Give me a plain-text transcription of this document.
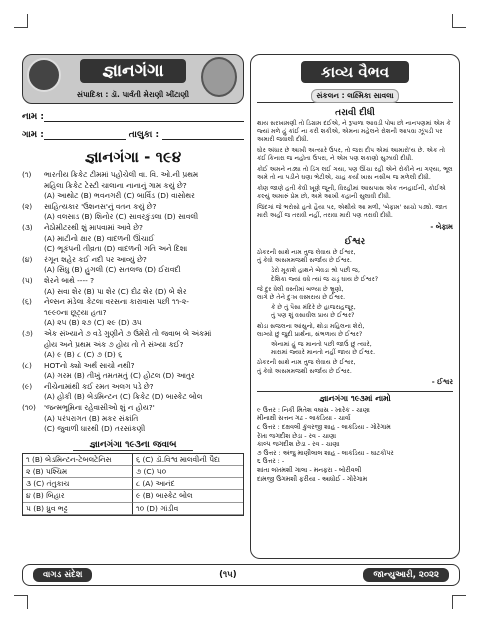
જ્ઞાનગંગા
સંપાદિકા : ડૉ. પાર્વતી મેરાણી ખીંટાણી
નામ :
ગામ :	તાલુકા :
જ્ઞાનગંગા - ૧૯૪
(૧)	ભારતીય ક્રિકેટ ટીમમાં પહોંચેલી વા. વિ. ઓ.ની પ્રથમ
મહિલા ક્રિકેટ ટેસ્ટી ચાલાના નાનાનું ગામ કયું છે?
(A) આથોટ (B) ભવનગરી (C) બાર્વિડ (D) વાસોથર
(૨)	સાહિત્યકાર 'ઉશનસ'નું વતન કયું છે?
(A) વલસાડ (B) શિનોર (C) સાવરકુંડલા (D) સાવલી
(૩)	નેઠોમીટરથી શું માપવામાં આવે છે?
(A) માટીનો ક્ષાર (B) વાદળની ઊંચાઈ
(C) ભૂકંપની તીવ્રતા (D) વાદળની ગતિ અને દિશા
(૪)	રંગૂન શહેર કઈ નદી પર આવ્યું છે?
(A) સિંધુ (B) હુગલી (C) સતલજ (D) ઈરાવદી
(૫)	શેરને બાથે ---- ?
(A) સવા શેર (B) પા શેર (C) દોઢ શેર (D) બે શેર
(૬)	નેલ્સન મંડેલા કેટલા વરસના કારાવાસ પછી ૧૧-૨-
૧૯૯૦ના છૂટ્યા હતા?
(A) ૨૫ (B) ૨૭ (C) ૨૯ (D) ૩૫
(૭)	એક સંખ્યાને ૭ વડે ગુણીને ૭ ઉમેરો તો જવાબ બે અંકમાં
હોય અને પ્રથમ અંક ૭ હોય તો તે સંખ્યા કઈ?
(A) ૯ (B) ૮ (C) ૭ (D) ૬
(૮)	HOTનો ક્યો અર્થ સાચો નથી?
(A) ગરમ (B) તીખું તમતમતું (C) હોટલ (D) આતુર
(૯)	નીચેનામાંથી કઈ રમત અલગ પડે છે?
(A) હોકી (B) બેડમિન્ટન (C) ક્રિકેટ (D) બાસ્કેટ બોલ
(૧૦)	'જન્મભૂમિના રહેવાસીઓ શું ન હોય?'
(A) પરંપરાગત (B) મકર સંક્રાંતિ
(C) જુવાળી ધારથી (D) તરસાંકણી
જ્ઞાનગંગા ૧૯૩ના જવાબ
૧ (B) બેડમિન્ટન-ટેબલટેનિસ	૬ (C) ડૉ.વિશ્વ માલવીની પૈદા
૨ (B) પશ્ચિમ	૭ (C) ૫૦
૩ (C) તંતુકાચ	૮ (A) આનંદ
૪ (B) બિહાર	૯ (B) બાસ્કેટ બોલ
૫ (B) ધ્રુવ ભટ્ટ	૧૦ (D) ગાંડીવ
કાવ્ય વૈભવ
સંકલન : લક્ષ્મિકા સાવલા
તરાવી દીધી

થાય સરખામણી તો ડિગ્રામ દઈએ, ને રૂપાળા આવડી પોષા છો નાનપણમાં એમ કે જ્યાં મળે હું કાંઈ ના કરી શકીએ, એમના મહેલને રોશની આપવા ઝૂંપડી પર અમારી જવાલી દીધી.

ઘોર અંધાર છે આખી અત્યારે ઉપર, તો જરા દીપ એમાં આમારો'ય છે. એક તો કંઈ કિનારા જ નહોતા ઉપરા, ને એમ પણ શકાણો સુઝાવી દીધી.

કોઈ અમને નડ્યા તો ડિંગ લઈ ગયા, પણ ઊંચા રહી એને રોકીને ના ગણ્યા, ભૂલ અમે તો ના પડીને ઘણા ભેટીએ, ચાહ કર્યા ખાસ નસીબ જ મળેલી દીધી.

કોણ જાણે હતી કેવી ખૂણે જૂની, વિરહીમાં આસપાસ એક તનહાઈની, કોઈએ કલ્યું અમારું પ્રેમ છો, અમે આખી કહાની સુલાવી દીધી.

જિંદગાં જે ભરોસો હતો હૈયા પર, એથીયે આ મળી, 'બેફામ' સાચો પડ્યો. જાત મારી અહીં જ તરાવી નહીં, તરાવા મારી પણ તરાવી દીધી.

- બેફામ
ઈશ્વર
ઠોકરની સાથે નામ તુજ લેવાય છે ઈશ્વર,
તું કેવો અસમમજથી સર્જાય છે ઈશ્વર.
ડેરો મૂકાશે હાથને બેવડા શ્રો પછી જ,
દેશિકા જ્યાં વધે ત્યાં જ ચડ્ર ઘાય છે ઈશ્વર?
જે દુર ધેલી વસ્તીમાં બળ્યા છે ભ્રૂણો,
લાગે છે તેને દુઃખ વસ્મરાય છે ઈશ્વર.
કે છે તું પૈસા મંદિરે છે હાજરાહજૂર,
તું પણ શું વસાવીલ પ્રાય છે ઈશ્વર?
થોડા સજલના આંસુનો, થોડા મહિલના શેરો,
લાગ્યો છું જુદી પ્રાર્થના, સંભળાય છે ઈશ્વર?
એનામાં હું જ માનતો પછી જાઉં છું ત્યારે,
મારામાં જ્યારે માનતો નહીં જાય છે ઈશ્વર.
ઠોકરની સાથે નામ તુજ લેવાય છે ઈશ્વર,
તું કેવો અસમમજથી સર્જાય છે ઈશ્વર.
- ઈશ્વર
જ્ઞાનગંગા ૧૯૩માં નામો
૯ ઉત્તર : નિકી મિતેશ વઘાસ - ખારેક - ચાણા
મીનાક્ષી સત્તન ગઢ - લાકડિયા - ચાર્વા
૮ ઉત્તર : દક્ષવલી કુંવરજી શાહ - લાકડિયા - ગોરેગામ
રેખા જગદીશ છેડા - રવ - ચાણા
કાલ્પ જગદીશ છેડા - રવ - ચાણા
૭ ઉત્તર : અંજુ માણીલાલ શાહ - લાકડિયા - ઘાટકોપર
૬ ઉત્તર : -
શાંતા લખમશી ગાલા - મનફરા - બોરીવલી
દામજી ઉગમશી ફરીયા - આધોઈ - ગોરેગામ
વાગડ સંદેશ	(૧૫)	જાન્યુઆરી, ૨૦૨૨
